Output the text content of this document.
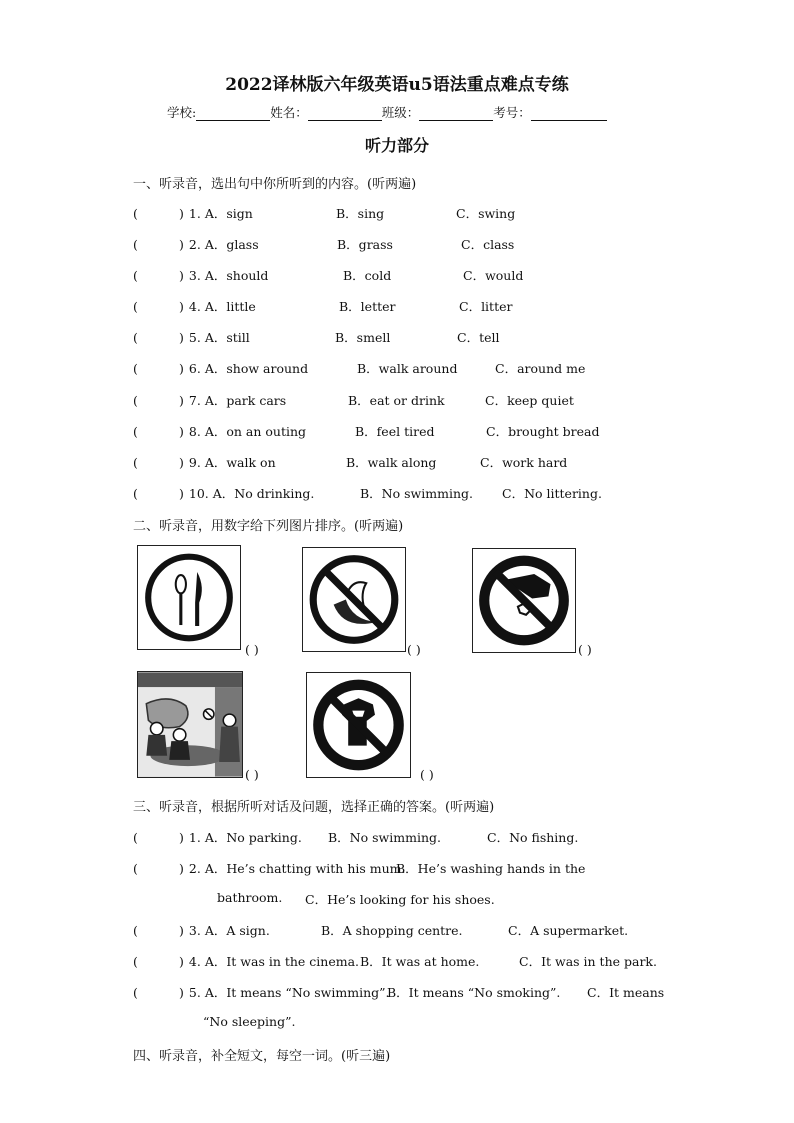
2022译林版六年级英语u5语法重点难点专练
学校:	姓名：	班级：	考号：
听力部分
一、听录音，选出句中你所听到的内容。(听两遍)
(	) 1. A．sign	B．sing	C．swing
(	) 2. A．glass	B．grass	C．class
(	) 3. A．should	B．cold	C．would
(	) 4. A．little	B．letter	C．litter
(	) 5. A．still	B．smell	C．tell
(	) 6. A．show around	B．walk around	C．around me
(	) 7. A．park cars	B．eat or drink	C．keep quiet
(	) 8. A．on an outing	B．feel tired	C．brought bread
(	) 9. A．walk on	B．walk along	C．work hard
(	) 10. A．No drinking.	B．No swimming. C．No littering.
二、听录音，用数字给下列图片排序。(听两遍)
( )	( )	( )
( )	( )
三、听录音，根据所听对话及问题，选择正确的答案。(听两遍)
(	) 1. A．No parking. B．No swimming.	C．No fishing.
(	) 2. A．He’s chatting with his mum.
B．He’s washing hands in the
bathroom. C．He’s looking for his shoes.
(	) 3. A．A sign.	B．A shopping centre.	C．A supermarket.
(	) 4. A．It was in the cinema. B．It was at home.	C．It was in the park.
(	) 5. A．It means “No swimming”.
B．It means “No smoking”. C．It means
“No sleeping”.
四、听录音，补全短文，每空一词。(听三遍)
